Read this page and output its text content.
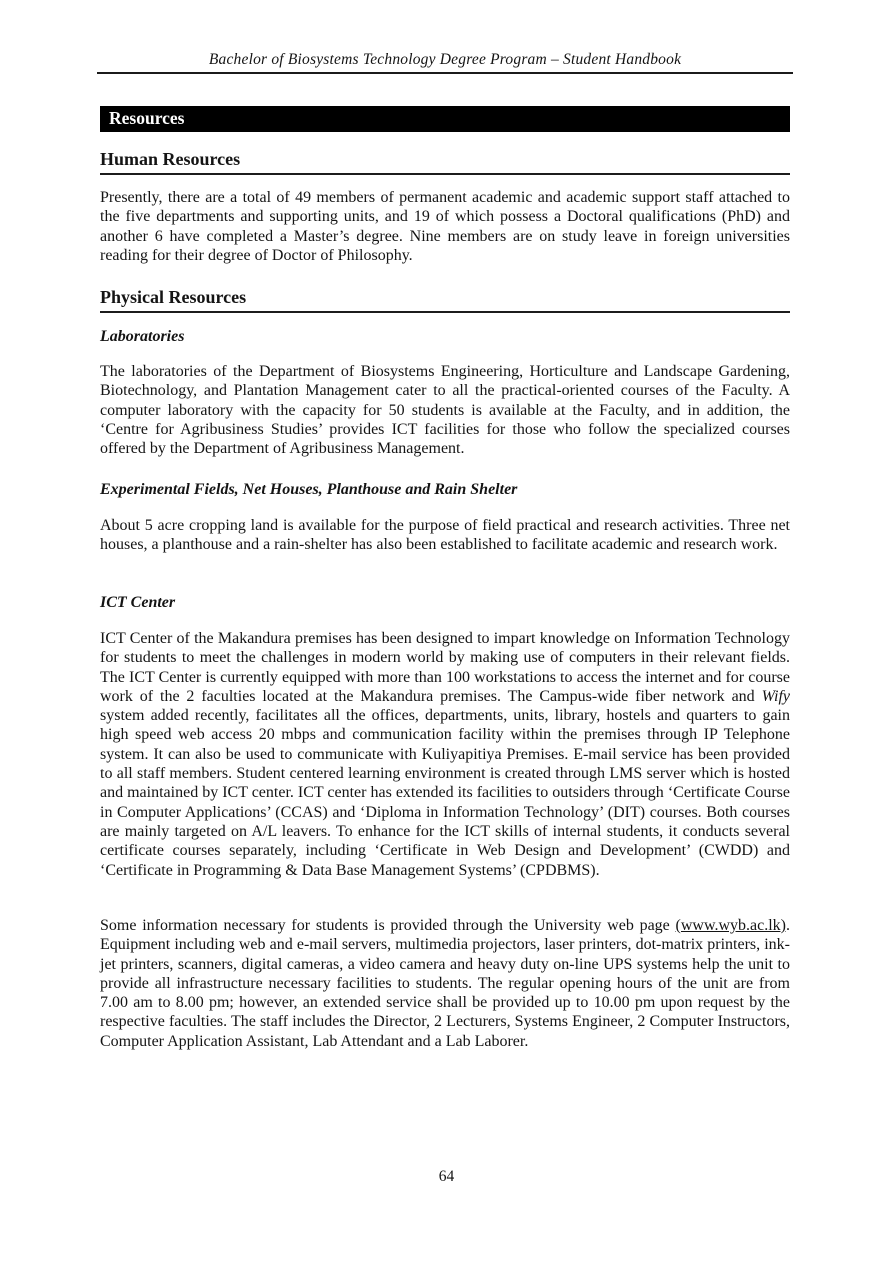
Bachelor of Biosystems Technology Degree Program – Student Handbook
Resources
Human Resources

Presently, there are a total of 49 members of permanent academic and academic support staff attached to the five departments and supporting units, and 19 of which possess a Doctoral qualifications (PhD) and another 6 have completed a Master’s degree. Nine members are on study leave in foreign universities reading for their degree of Doctor of Philosophy.

Physical Resources
Laboratories

The laboratories of the Department of Biosystems Engineering, Horticulture and Landscape Gardening, Biotechnology, and Plantation Management cater to all the practical-oriented courses of the Faculty. A computer laboratory with the capacity for 50 students is available at the Faculty, and in addition, the ‘Centre for Agribusiness Studies’ provides ICT facilities for those who follow the specialized courses offered by the Department of Agribusiness Management.

Experimental Fields, Net Houses, Planthouse and Rain Shelter

About 5 acre cropping land is available for the purpose of field practical and research activities. Three net houses, a planthouse and a rain-shelter has also been established to facilitate academic and research work.

ICT Center

ICT Center of the Makandura premises has been designed to impart knowledge on Information Technology for students to meet the challenges in modern world by making use of computers in their relevant fields. The ICT Center is currently equipped with more than 100 workstations to access the internet and for course work of the 2 faculties located at the Makandura premises. The Campus-wide fiber network and Wify system added recently, facilitates all the offices, departments, units, library, hostels and quarters to gain high speed web access 20 mbps and communication facility within the premises through IP Telephone system. It can also be used to communicate with Kuliyapitiya Premises. E-mail service has been provided to all staff members. Student centered learning environment is created through LMS server which is hosted and maintained by ICT center. ICT center has extended its facilities to outsiders through ‘Certificate Course in Computer Applications’ (CCAS) and ‘Diploma in Information Technology’ (DIT) courses. Both courses are mainly targeted on A/L leavers. To enhance for the ICT skills of internal students, it conducts several certificate courses separately, including ‘Certificate in Web Design and Development’ (CWDD) and ‘Certificate in Programming & Data Base Management Systems’ (CPDBMS).

Some information necessary for students is provided through the University web page (www.wyb.ac.lk). Equipment including web and e-mail servers, multimedia projectors, laser printers, dot-matrix printers, ink-jet printers, scanners, digital cameras, a video camera and heavy duty on-line UPS systems help the unit to provide all infrastructure necessary facilities to students. The regular opening hours of the unit are from 7.00 am to 8.00 pm; however, an extended service shall be provided up to 10.00 pm upon request by the respective faculties. The staff includes the Director, 2 Lecturers, Systems Engineer, 2 Computer Instructors, Computer Application Assistant, Lab Attendant and a Lab Laborer.

64
